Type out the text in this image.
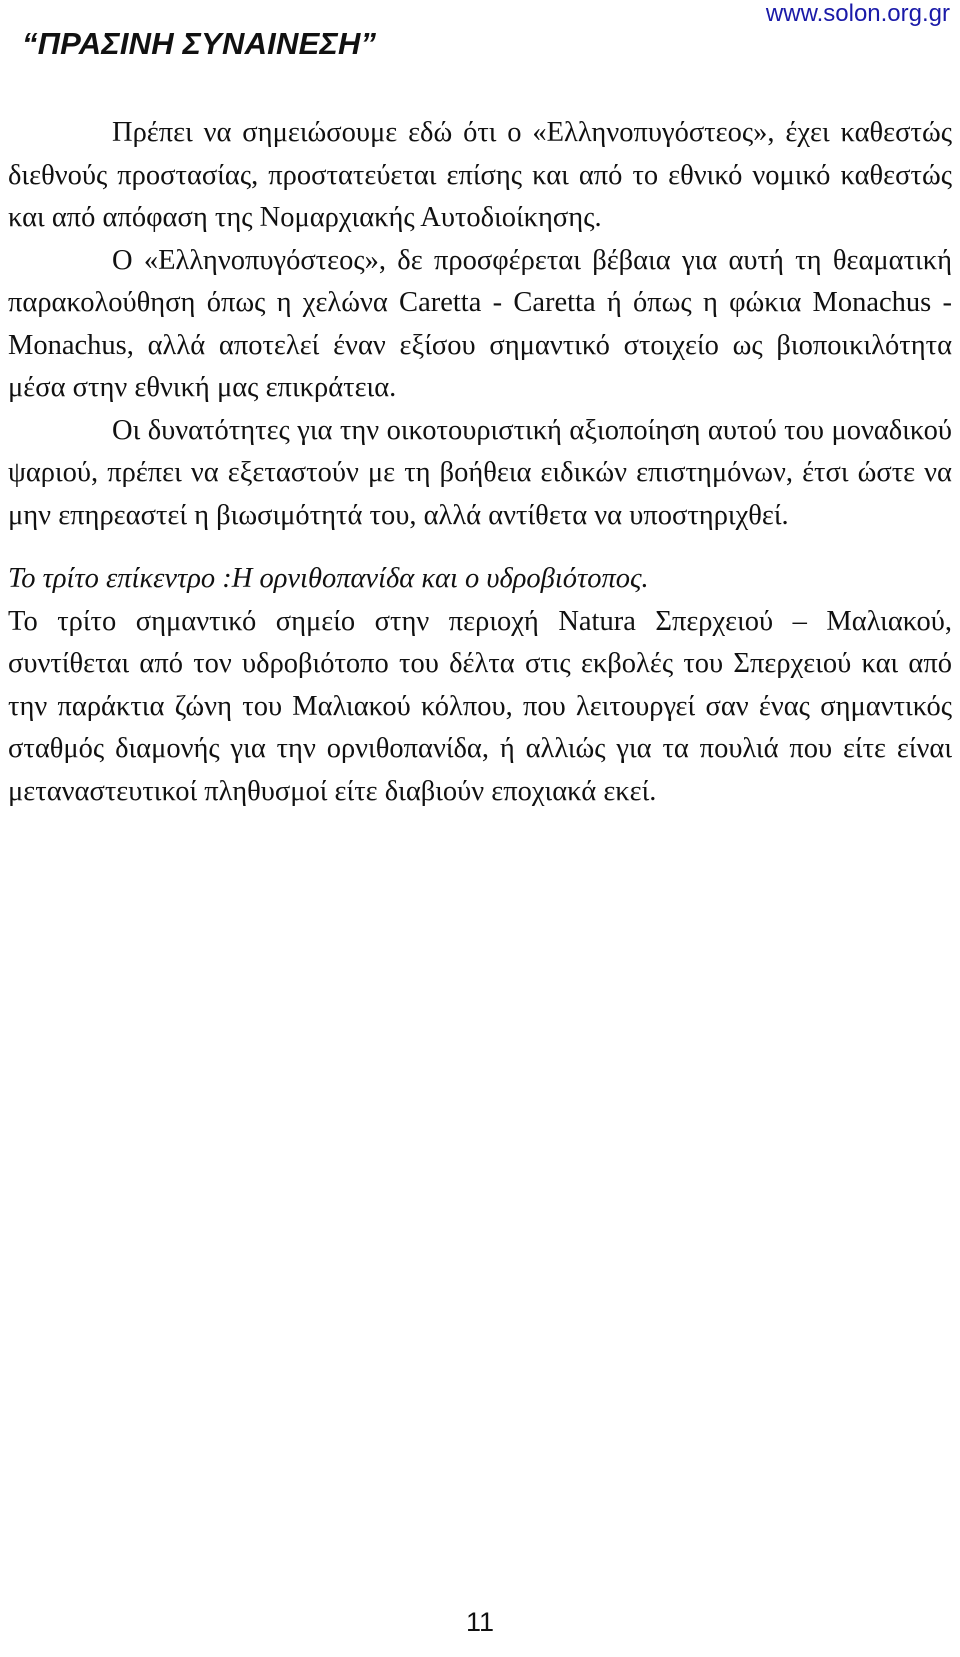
“ΠΡΑΣΙΝΗ ΣΥΝΑΙΝΕΣΗ”
www.solon.org.gr

Πρέπει να σημειώσουμε εδώ ότι ο «Ελληνοπυγόστεος», έχει καθεστώς διεθνούς προστασίας, προστατεύεται επίσης και από το εθνικό νομικό καθεστώς και από απόφαση της Νομαρχιακής Αυτοδιοίκησης.

Ο «Ελληνοπυγόστεος», δε προσφέρεται βέβαια για αυτή τη θεαματική παρακολούθηση όπως η χελώνα Caretta - Caretta ή όπως η φώκια Monachus - Monachus, αλλά αποτελεί έναν εξίσου σημαντικό στοιχείο ως βιοποικιλότητα μέσα στην εθνική μας επικράτεια.

Οι δυνατότητες για την οικοτουριστική αξιοποίηση αυτού του μοναδικού ψαριού, πρέπει να εξεταστούν με τη βοήθεια ειδικών επιστημόνων, έτσι ώστε να μην επηρεαστεί η βιωσιμότητά του, αλλά αντίθετα να υποστηριχθεί.

Το τρίτο επίκεντρο :Η ορνιθοπανίδα και ο υδροβιότοπος.

Το τρίτο σημαντικό σημείο στην περιοχή Natura Σπερχειού – Μαλιακού, συντίθεται από τον υδροβιότοπο του δέλτα στις εκβολές του Σπερχειού και από την παράκτια ζώνη του Μαλιακού κόλπου, που λειτουργεί σαν ένας σημαντικός σταθμός διαμονής για την ορνιθοπανίδα, ή αλλιώς για τα πουλιά που είτε είναι μεταναστευτικοί πληθυσμοί είτε διαβιούν εποχιακά εκεί.

11
